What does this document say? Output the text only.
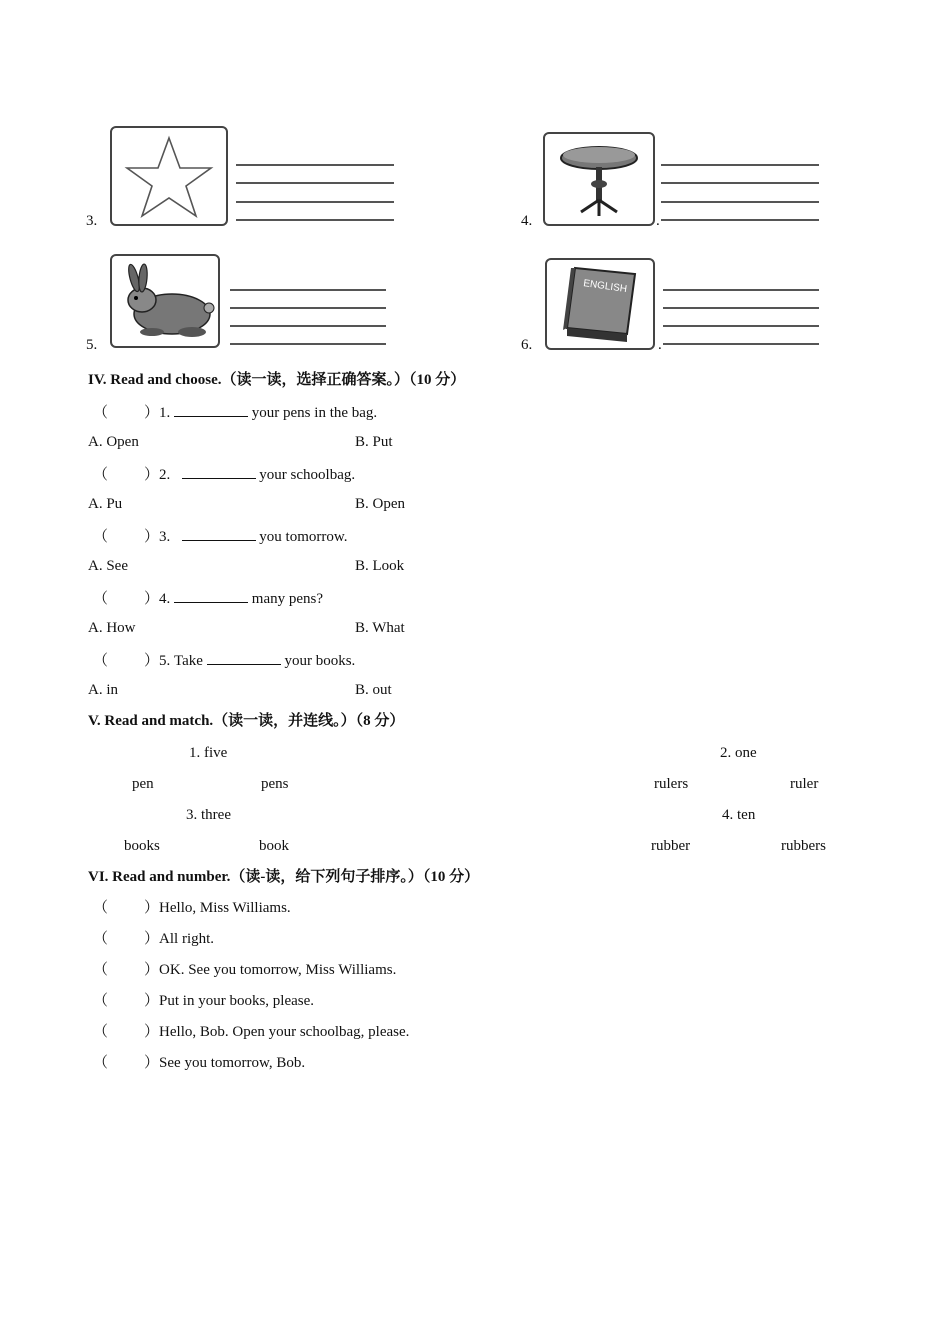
3.	4.	.
5.	6.
ENGLISH
.
IV. Read and choose.（读一读，选择正确答案。）（10 分）
（ ）1.	your pens in the bag.
A. Open	B. Put
（ ）2.	your schoolbag.
A. Pu	B. Open
（ ）3.	you tomorrow.
A. See	B. Look
（ ）4.	many pens?
A. How	B. What
（ ）5. Take	your books.
A. in	B. out
V. Read and match.（读一读，并连线。）（8 分）
1. five
pen	pens
2. one
rulers	ruler
3. three
books	book
4. ten
rubber	rubbers
VI. Read and number.（读-读，给下列句子排序。）（10 分）
（ ）Hello, Miss Williams.
（ ）All right.
（ ）OK. See you tomorrow, Miss Williams.
（ ）Put in your books, please.
（ ）Hello, Bob. Open your schoolbag, please.
（ ）See you tomorrow, Bob.
